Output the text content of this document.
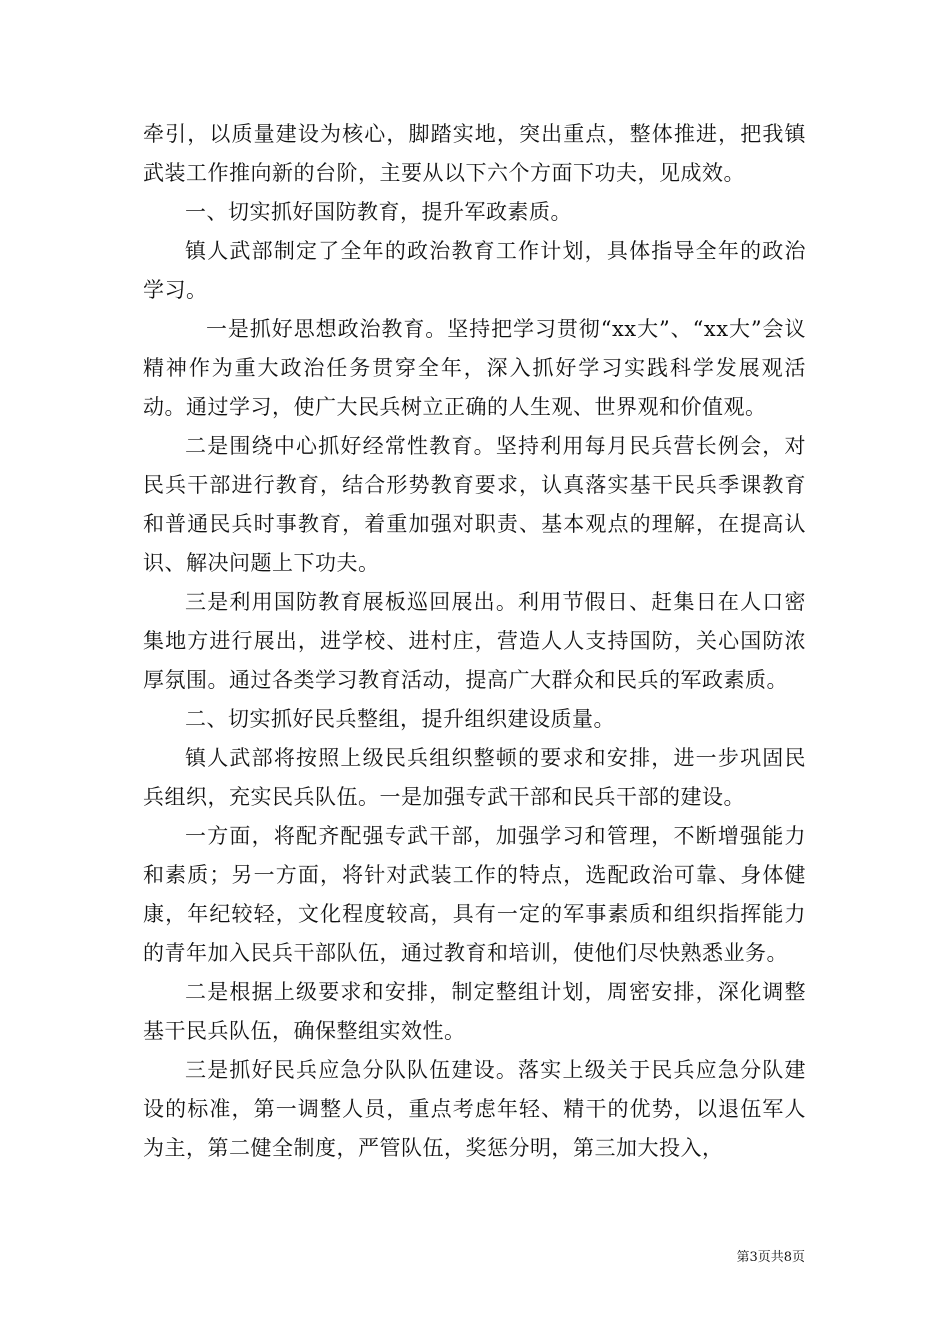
牵引，以质量建设为核心，脚踏实地，突出重点，整体推进，把我镇武装工作推向新的台阶，主要从以下六个方面下功夫，见成效。

一、切实抓好国防教育，提升军政素质。

镇人武部制定了全年的政治教育工作计划，具体指导全年的政治学习。

一是抓好思想政治教育。坚持把学习贯彻“xx大”、“xx大”会议精神作为重大政治任务贯穿全年，深入抓好学习实践科学发展观活动。通过学习，使广大民兵树立正确的人生观、世界观和价值观。

二是围绕中心抓好经常性教育。坚持利用每月民兵营长例会，对民兵干部进行教育，结合形势教育要求，认真落实基干民兵季课教育和普通民兵时事教育，着重加强对职责、基本观点的理解，在提高认识、解决问题上下功夫。

三是利用国防教育展板巡回展出。利用节假日、赶集日在人口密集地方进行展出，进学校、进村庄，营造人人支持国防，关心国防浓厚氛围。通过各类学习教育活动，提高广大群众和民兵的军政素质。

二、切实抓好民兵整组，提升组织建设质量。

镇人武部将按照上级民兵组织整顿的要求和安排，进一步巩固民兵组织，充实民兵队伍。一是加强专武干部和民兵干部的建设。

一方面，将配齐配强专武干部，加强学习和管理，不断增强能力和素质；另一方面，将针对武装工作的特点，选配政治可靠、身体健康，年纪较轻，文化程度较高，具有一定的军事素质和组织指挥能力的青年加入民兵干部队伍，通过教育和培训，使他们尽快熟悉业务。

二是根据上级要求和安排，制定整组计划，周密安排，深化调整基干民兵队伍，确保整组实效性。

三是抓好民兵应急分队队伍建设。落实上级关于民兵应急分队建设的标准，第一调整人员，重点考虑年轻、精干的优势，以退伍军人为主，第二健全制度，严管队伍，奖惩分明，第三加大投入，

第3页共8页
